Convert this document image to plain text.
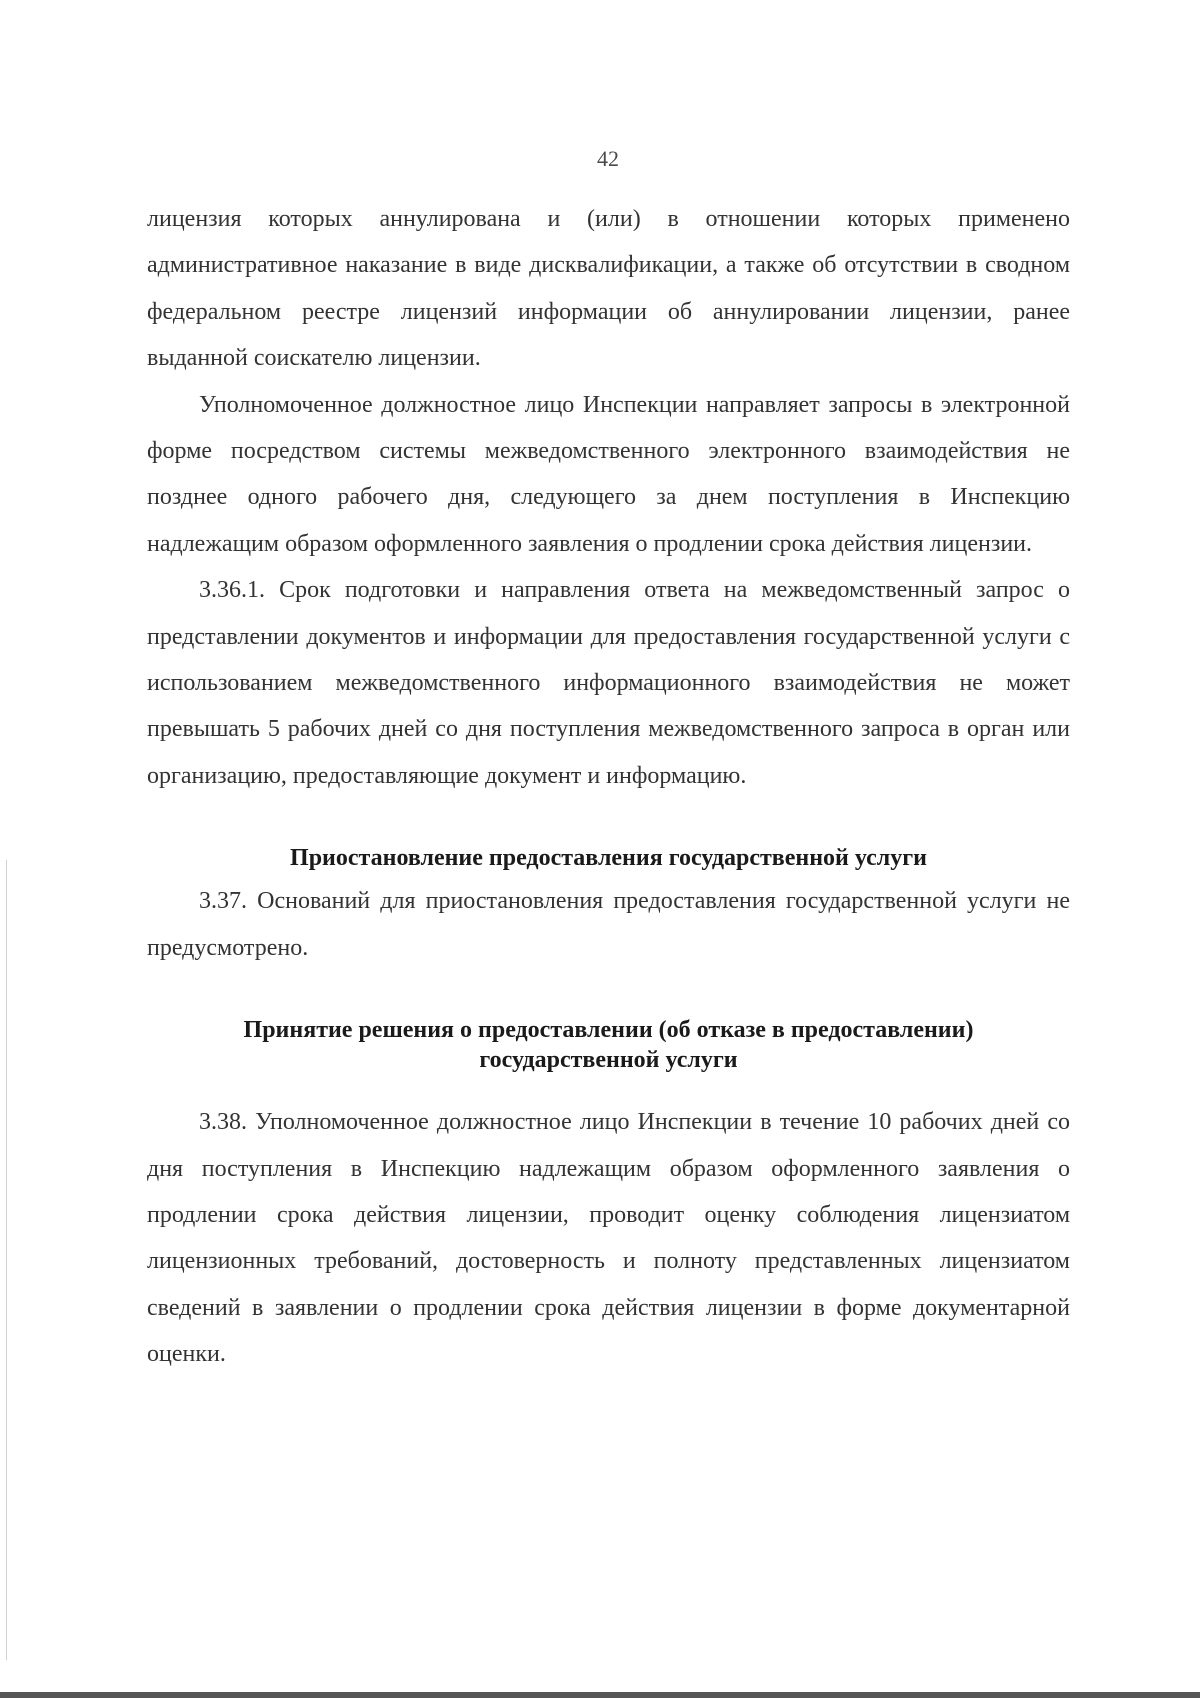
42

лицензия которых аннулирована и (или) в отношении которых применено административное наказание в виде дисквалификации, а также об отсутствии в сводном федеральном реестре лицензий информации об аннулировании лицензии, ранее выданной соискателю лицензии.

Уполномоченное должностное лицо Инспекции направляет запросы в электронной форме посредством системы межведомственного электронного взаимодействия не позднее одного рабочего дня, следующего за днем поступления в Инспекцию надлежащим образом оформленного заявления о продлении срока действия лицензии.

3.36.1. Срок подготовки и направления ответа на межведомственный запрос о представлении документов и информации для предоставления государственной услуги с использованием межведомственного информационного взаимодействия не может превышать 5 рабочих дней со дня поступления межведомственного запроса в орган или организацию, предоставляющие документ и информацию.

Приостановление предоставления государственной услуги

3.37. Оснований для приостановления предоставления государственной услуги не предусмотрено.

Принятие решения о предоставлении (об отказе в предоставлении)
государственной услуги

3.38. Уполномоченное должностное лицо Инспекции в течение 10 рабочих дней со дня поступления в Инспекцию надлежащим образом оформленного заявления о продлении срока действия лицензии, проводит оценку соблюдения лицензиатом лицензионных требований, достоверность и полноту представленных лицензиатом сведений в заявлении о продлении срока действия лицензии в форме документарной оценки.
